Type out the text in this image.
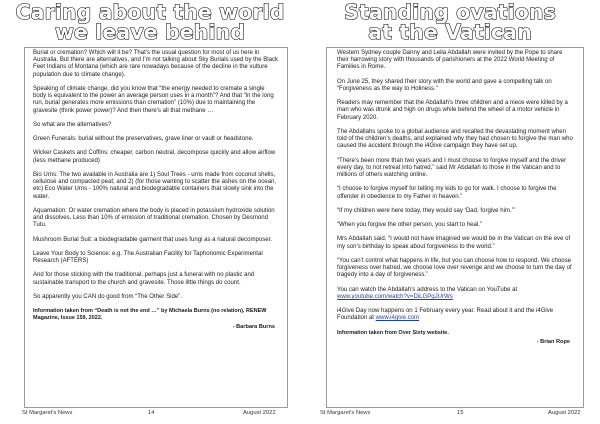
Caring about the world
we leave behind

Burial or cremation? Which will it be? That’s the usual question for most of us here in Australia. But there are alternatives, and I’m not talking about Sky Burials used by the Black Feet Indians of Montana (which are rare nowadays because of the decline in the vulture population due to climate change).

Speaking of climate change, did you know that “the energy needed to cremate a single body is equivalent to the power an average person uses in a month”? And that “in the long run, burial generates more emissions than cremation” (10%) due to maintaining the gravesite (think power power)? And then there’s all that methane …

So what are the alternatives?

Green Funerals: burial without the preservatives, grave liner or vault or headstone.

Wicker Caskets and Coffins: cheaper, carbon neutral, decompose quickly and allow airflow (less methane produced)

Bio Urns: The two available in Australia are 1) Soul Trees - urns made from coconut shells, cellulose and compacted peat; and 2) (for those wanting to scatter the ashes on the ocean, etc) Eco Water Urns - 100% natural and biodegradable containers that slowly sink into the water.

Aquamation: Or water cremation where the body is placed in potassium hydroxide solution and dissolves. Less than 10% of emission of traditional cremation. Chosen by Desmond Tutu.

Mushroom Burial Suit: a biodegradable garment that uses fungi as a natural decomposer.

Leave Your Body to Science: e.g. The Australian Facility for Taphonomic Experimental Research (AFTERS)

And for those sticking with the traditional, perhaps just a funeral with no plastic and sustainable transport to the church and gravesite. Those little things do count.

So apparently you CAN do good from “The Other Side”.

Information taken from “Death is not the end …” by Michaela Burns (no relation), RENEW Magazine, Issue 159, 2022.

- Barbara Burns

St Margaret's News	14	August 2022
Standing ovations
at the Vatican

Western Sydney couple Danny and Leila Abdallah were invited by the Pope to share their harrowing story with thousands of parishioners at the 2022 World Meeting of Families in Rome.

On June 25, they shared their story with the world and gave a compelling talk on “Forgiveness as the way to Holiness.”

Readers may remember that the Abdallah’s three children and a niece were killed by a man who was drunk and high on drugs while behind the wheel of a motor vehicle in February 2020.

The Abdallahs spoke to a global audience and recalled the devastating moment when told of the children’s deaths, and explained why they had chosen to forgive the man who caused the accident through the i4Give campaign they have set up.

“There’s been more than two years and I must choose to forgive myself and the driver every day, to not retreat into hatred,” said Mr Abdallah to those in the Vatican and to millions of others watching online.

“I choose to forgive myself for telling my kids to go for walk. I choose to forgive the offender in obedience to my Father in heaven.”

“If my children were here today, they would say ‘Dad, forgive him.’”

“When you forgive the other person, you start to heal.”

Mrs Abdallah said, “I would not have imagined we would be in the Vatican on the eve of my son’s birthday to speak about forgiveness to the world.”

“You can’t control what happens in life, but you can choose how to respond. We choose forgiveness over hatred, we choose love over revenge and we choose to turn the day of tragedy into a day of forgiveness.”

You can watch the Abdallah’s address to the Vatican on YouTube at
www.youtube.com/watch?v=DiLGPgJUrWs

i4Give Day now happens on 1 February every year. Read about it and the i4Give Foundation at www.i4give.com

Information taken from Over Sixty website.

- Brian Rope

St Margaret's News	15	August 2022
